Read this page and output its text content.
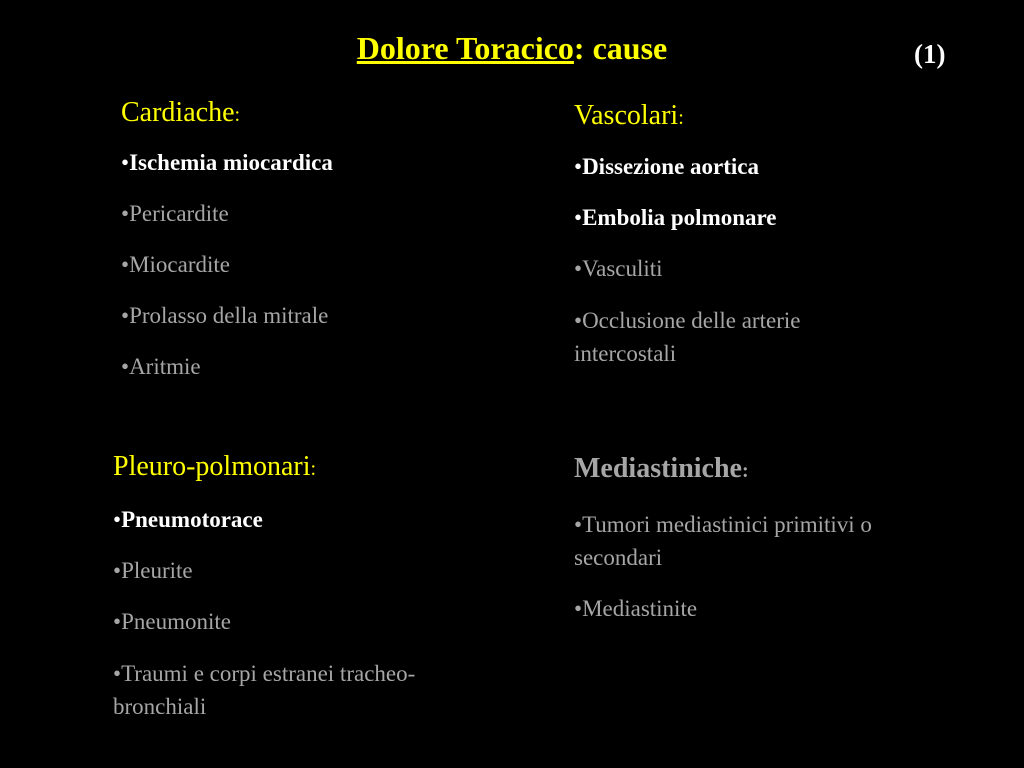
Dolore Toracico: cause	(1)
Cardiache:
•Ischemia miocardica
•Pericardite
•Miocardite
•Prolasso della mitrale
•Aritmie
Vascolari:
•Dissezione aortica
•Embolia polmonare
•Vasculiti
•Occlusione delle arterie intercostali
Pleuro-polmonari:
•Pneumotorace
•Pleurite
•Pneumonite
•Traumi e corpi estranei tracheo-bronchiali
Mediastiniche:
•Tumori mediastinici primitivi o secondari
•Mediastinite
